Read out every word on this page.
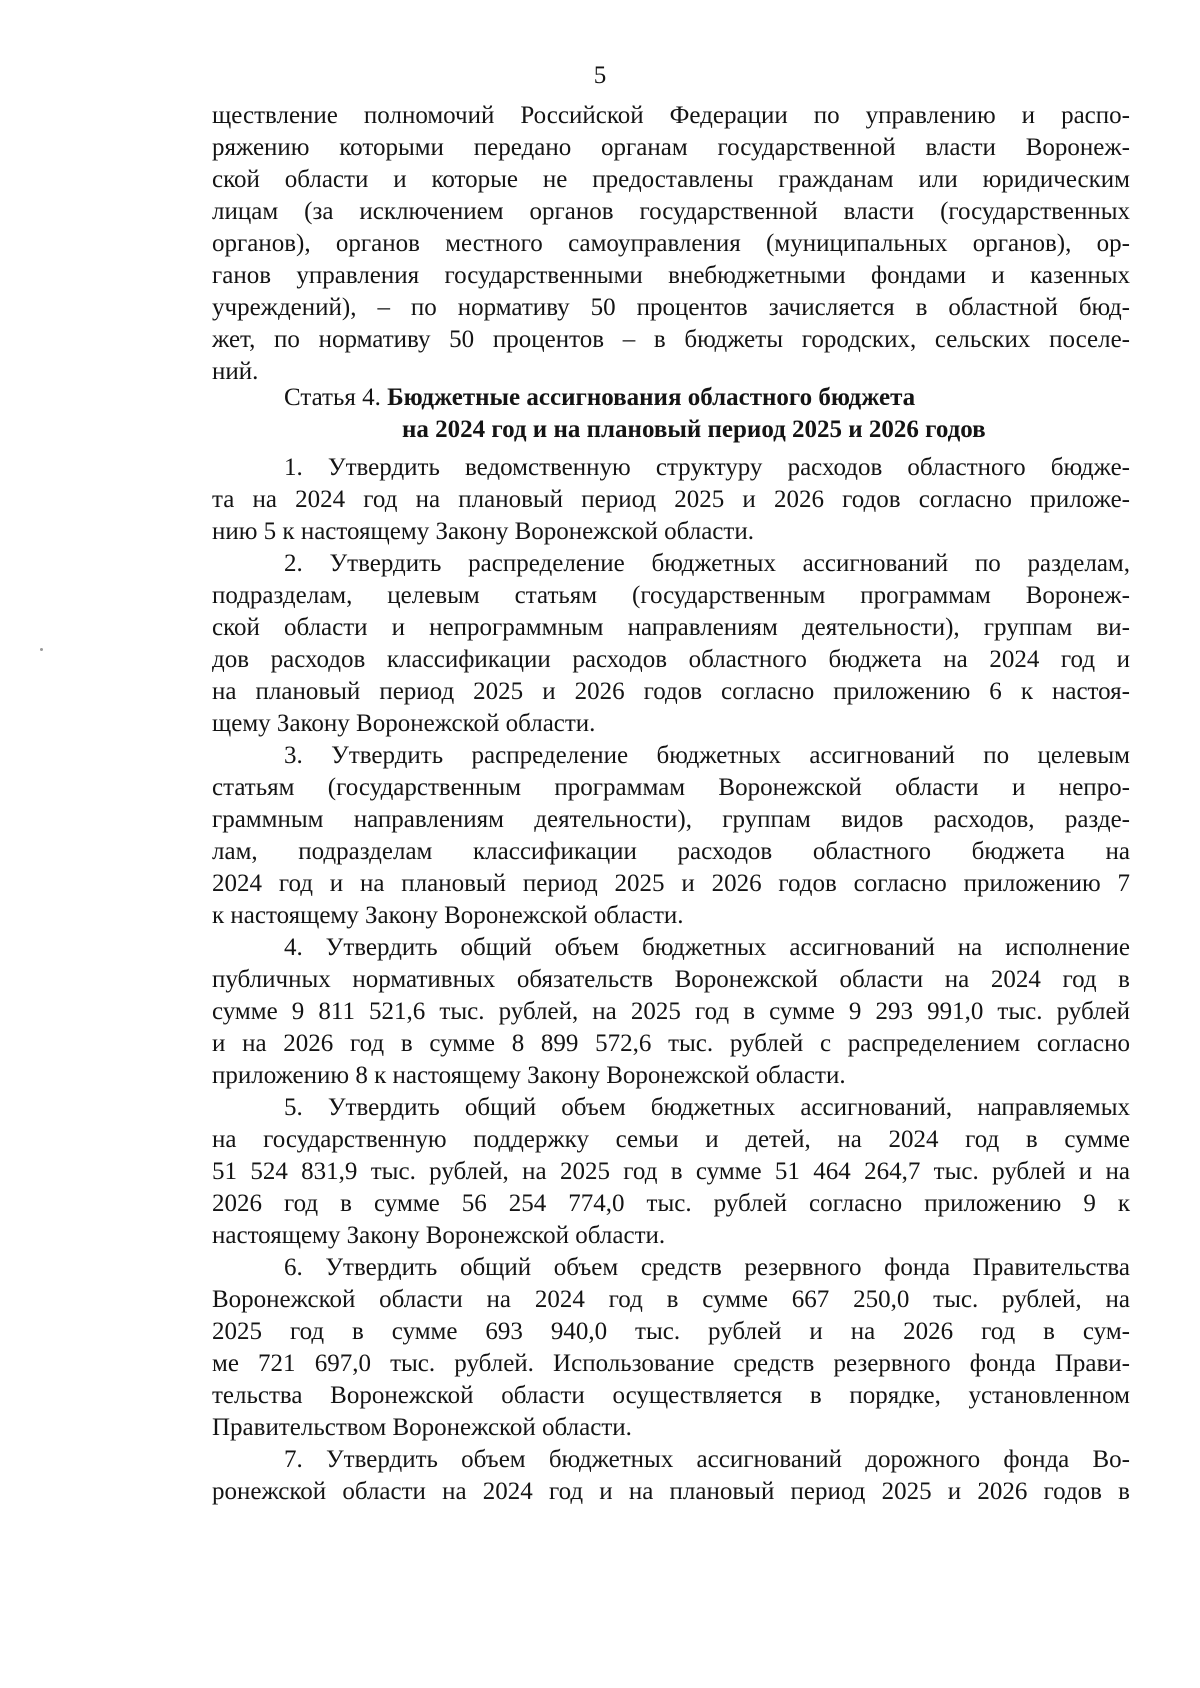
5
ществление полномочий Российской Федерации по управлению и распо-
ряжению которыми передано органам государственной власти Воронеж-
ской области и которые не предоставлены гражданам или юридическим
лицам (за исключением органов государственной власти (государственных
органов), органов местного самоуправления (муниципальных органов), ор-
ганов управления государственными внебюджетными фондами и казенных
учреждений), – по нормативу 50 процентов зачисляется в областной бюд-
жет, по нормативу 50 процентов – в бюджеты городских, сельских поселе-
ний.
Статья 4. Бюджетные ассигнования областного бюджета
на 2024 год и на плановый период 2025 и 2026 годов
1. Утвердить ведомственную структуру расходов областного бюдже-
та на 2024 год на плановый период 2025 и 2026 годов согласно приложе-
нию 5 к настоящему Закону Воронежской области.
2. Утвердить распределение бюджетных ассигнований по разделам,
подразделам, целевым статьям (государственным программам Воронеж-
ской области и непрограммным направлениям деятельности), группам ви-
дов расходов классификации расходов областного бюджета на 2024 год и
на плановый период 2025 и 2026 годов согласно приложению 6 к настоя-
щему Закону Воронежской области.
3. Утвердить распределение бюджетных ассигнований по целевым
статьям (государственным программам Воронежской области и непро-
граммным направлениям деятельности), группам видов расходов, разде-
лам, подразделам классификации расходов областного бюджета на
2024 год и на плановый период 2025 и 2026 годов согласно приложению 7
к настоящему Закону Воронежской области.
4. Утвердить общий объем бюджетных ассигнований на исполнение
публичных нормативных обязательств Воронежской области на 2024 год в
сумме 9 811 521,6 тыс. рублей, на 2025 год в сумме 9 293 991,0 тыс. рублей
и на 2026 год в сумме 8 899 572,6 тыс. рублей с распределением согласно
приложению 8 к настоящему Закону Воронежской области.
5. Утвердить общий объем бюджетных ассигнований, направляемых
на государственную поддержку семьи и детей, на 2024 год в сумме
51 524 831,9 тыс. рублей, на 2025 год в сумме 51 464 264,7 тыс. рублей и на
2026 год в сумме 56 254 774,0 тыс. рублей согласно приложению 9 к
настоящему Закону Воронежской области.
6. Утвердить общий объем средств резервного фонда Правительства
Воронежской области на 2024 год в сумме 667 250,0 тыс. рублей, на
2025 год в сумме 693 940,0 тыс. рублей и на 2026 год в сум-
ме 721 697,0 тыс. рублей. Использование средств резервного фонда Прави-
тельства Воронежской области осуществляется в порядке, установленном
Правительством Воронежской области.
7. Утвердить объем бюджетных ассигнований дорожного фонда Во-
ронежской области на 2024 год и на плановый период 2025 и 2026 годов в
